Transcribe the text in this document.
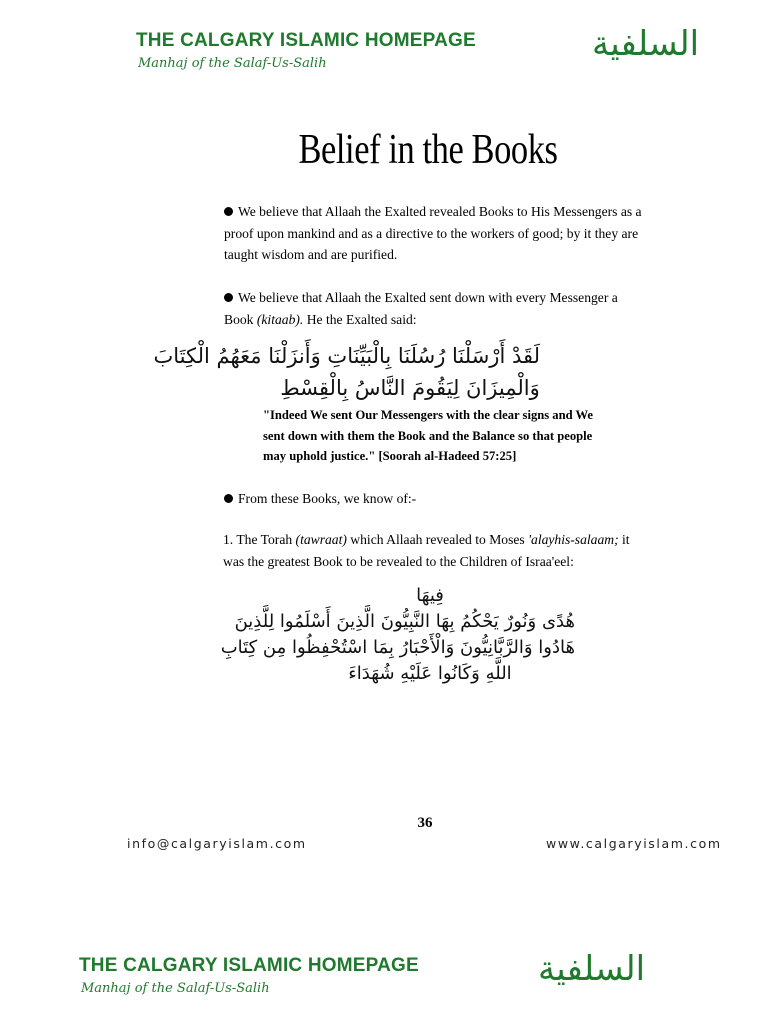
THE CALGARY ISLAMIC HOMEPAGE
Manhaj of the Salaf-Us-Salih	السلفية
Belief in the Books

We believe that Allaah the Exalted revealed Books to His Messengers as a proof upon mankind and as a directive to the workers of good; by it they are taught wisdom and are purified.

We believe that Allaah the Exalted sent down with every Messenger a Book (kitaab). He the Exalted said:

لَقَدْ أَرْسَلْنَا رُسُلَنَا بِالْبَيِّنَاتِ وَأَنزَلْنَا مَعَهُمُ الْكِتَابَ
وَالْمِيزَانَ لِيَقُومَ النَّاسُ بِالْقِسْطِ

"Indeed We sent Our Messengers with the clear signs and We sent down with them the Book and the Balance so that people may uphold justice." [Soorah al-Hadeed 57:25]

From these Books, we know of:-

1. The Torah (tawraat) which Allaah revealed to Moses 'alayhis-salaam; it was the greatest Book to be revealed to the Children of Israa'eel:

فِيهَا
هُدًى وَنُورٌ يَحْكُمُ بِهَا النَّبِيُّونَ الَّذِينَ أَسْلَمُوا لِلَّذِينَ
هَادُوا وَالرَّبَّانِيُّونَ وَالْأَحْبَارُ بِمَا اسْتُحْفِظُوا مِن كِتَابِ
اللَّهِ وَكَانُوا عَلَيْهِ شُهَدَاءَ
36
info@calgaryislam.com	www.calgaryislam.com
THE CALGARY ISLAMIC HOMEPAGE
Manhaj of the Salaf-Us-Salih	السلفية
